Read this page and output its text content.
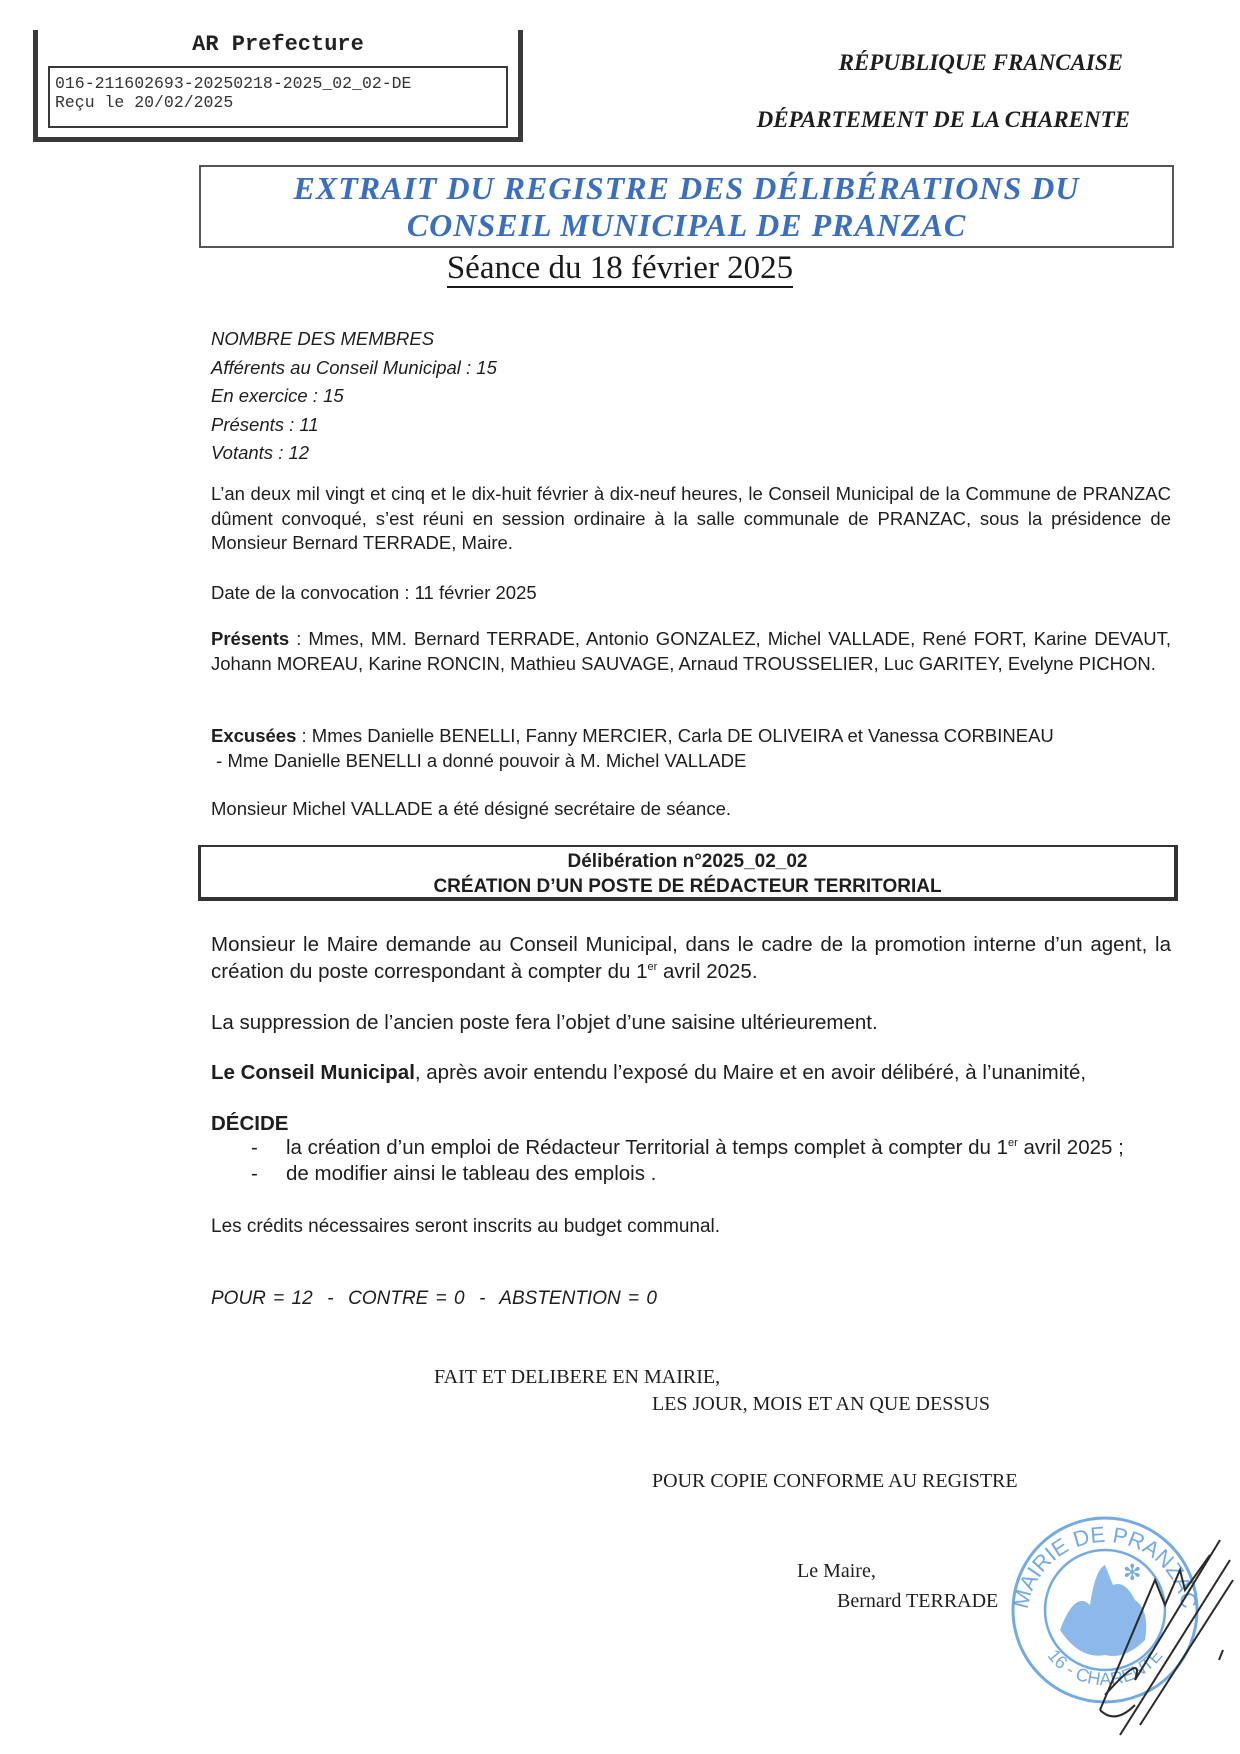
AR Prefecture
016-211602693-20250218-2025_02_02-DE
Reçu le 20/02/2025
RÉPUBLIQUE FRANCAISE
DÉPARTEMENT DE LA CHARENTE
EXTRAIT DU REGISTRE DES DÉLIBÉRATIONS DU
CONSEIL MUNICIPAL DE PRANZAC
Séance du 18 février 2025
NOMBRE DES MEMBRES
Afférents au Conseil Municipal : 15
En exercice : 15
Présents : 11
Votants : 12
L’an deux mil vingt et cinq et le dix-huit février à dix-neuf heures, le Conseil Municipal de la Commune de PRANZAC dûment convoqué, s’est réuni en session ordinaire à la salle communale de PRANZAC, sous la présidence de Monsieur Bernard TERRADE, Maire.
Date de la convocation : 11 février 2025
Présents : Mmes, MM. Bernard TERRADE, Antonio GONZALEZ, Michel VALLADE, René FORT, Karine DEVAUT, Johann MOREAU, Karine RONCIN, Mathieu SAUVAGE, Arnaud TROUSSELIER, Luc GARITEY, Evelyne PICHON.
Excusées : Mmes Danielle BENELLI, Fanny MERCIER, Carla DE OLIVEIRA et Vanessa CORBINEAU
- Mme Danielle BENELLI a donné pouvoir à M. Michel VALLADE
Monsieur Michel VALLADE a été désigné secrétaire de séance.
Délibération n°2025_02_02
CRÉATION D’UN POSTE DE RÉDACTEUR TERRITORIAL
Monsieur le Maire demande au Conseil Municipal, dans le cadre de la promotion interne d’un agent, la création du poste correspondant à compter du 1er avril 2025.
La suppression de l’ancien poste fera l’objet d’une saisine ultérieurement.
Le Conseil Municipal, après avoir entendu l’exposé du Maire et en avoir délibéré, à l’unanimité,
DÉCIDE
-	la création d’un emploi de Rédacteur Territorial à temps complet à compter du 1er avril 2025 ;
-	de modifier ainsi le tableau des emplois .
Les crédits nécessaires seront inscrits au budget communal.
POUR = 12  -  CONTRE = 0  -  ABSTENTION = 0
FAIT ET DELIBERE EN MAIRIE,
LES JOUR, MOIS ET AN QUE DESSUS
POUR COPIE CONFORME AU REGISTRE
Le Maire,
Bernard TERRADE
✻
MAIRIE DE PRANZAC
16 - CHARENTE
